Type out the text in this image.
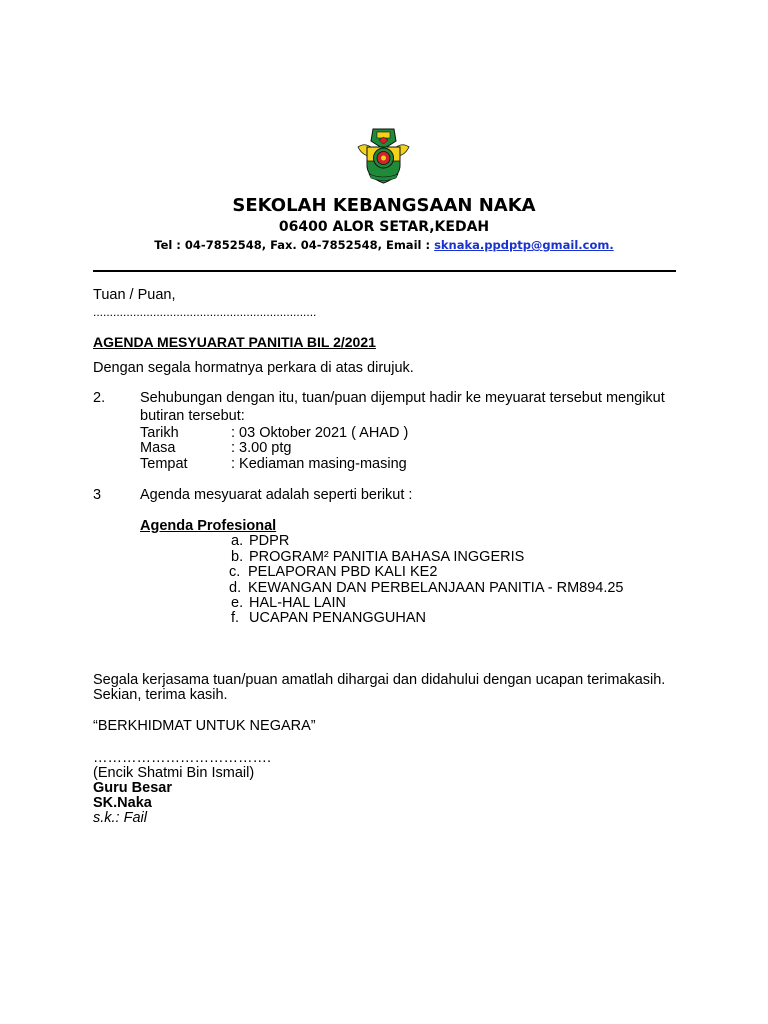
SEKOLAH KEBANGSAAN NAKA
06400 ALOR SETAR,KEDAH
Tel : 04-7852548, Fax. 04-7852548, Email : sknaka.ppdptp@gmail.com.
Tuan / Puan,
...................................................................
AGENDA MESYUARAT PANITIA BIL 2/2021
Dengan segala hormatnya perkara di atas dirujuk.
2. Sehubungan dengan itu, tuan/puan dijemput hadir ke meyuarat tersebut mengikut
butiran tersebut:
Tarikh	: 03 Oktober 2021 ( AHAD )
Masa	: 3.00 ptg
Tempat	: Kediaman masing-masing
3	Agenda mesyuarat adalah seperti berikut :
Agenda Profesional
a. PDPR
b. PROGRAM² PANITIA BAHASA INGGERIS
c. PELAPORAN PBD KALI KE2
d. KEWANGAN DAN PERBELANJAAN PANITIA - RM894.25
e. HAL-HAL LAIN
f. UCAPAN PENANGGUHAN
Segala kerjasama tuan/puan amatlah dihargai dan didahului dengan ucapan terimakasih.
Sekian, terima kasih.
“BERKHIDMAT UNTUK NEGARA”
……………………………….
(Encik Shatmi Bin Ismail)
Guru Besar
SK.Naka
s.k.: Fail
